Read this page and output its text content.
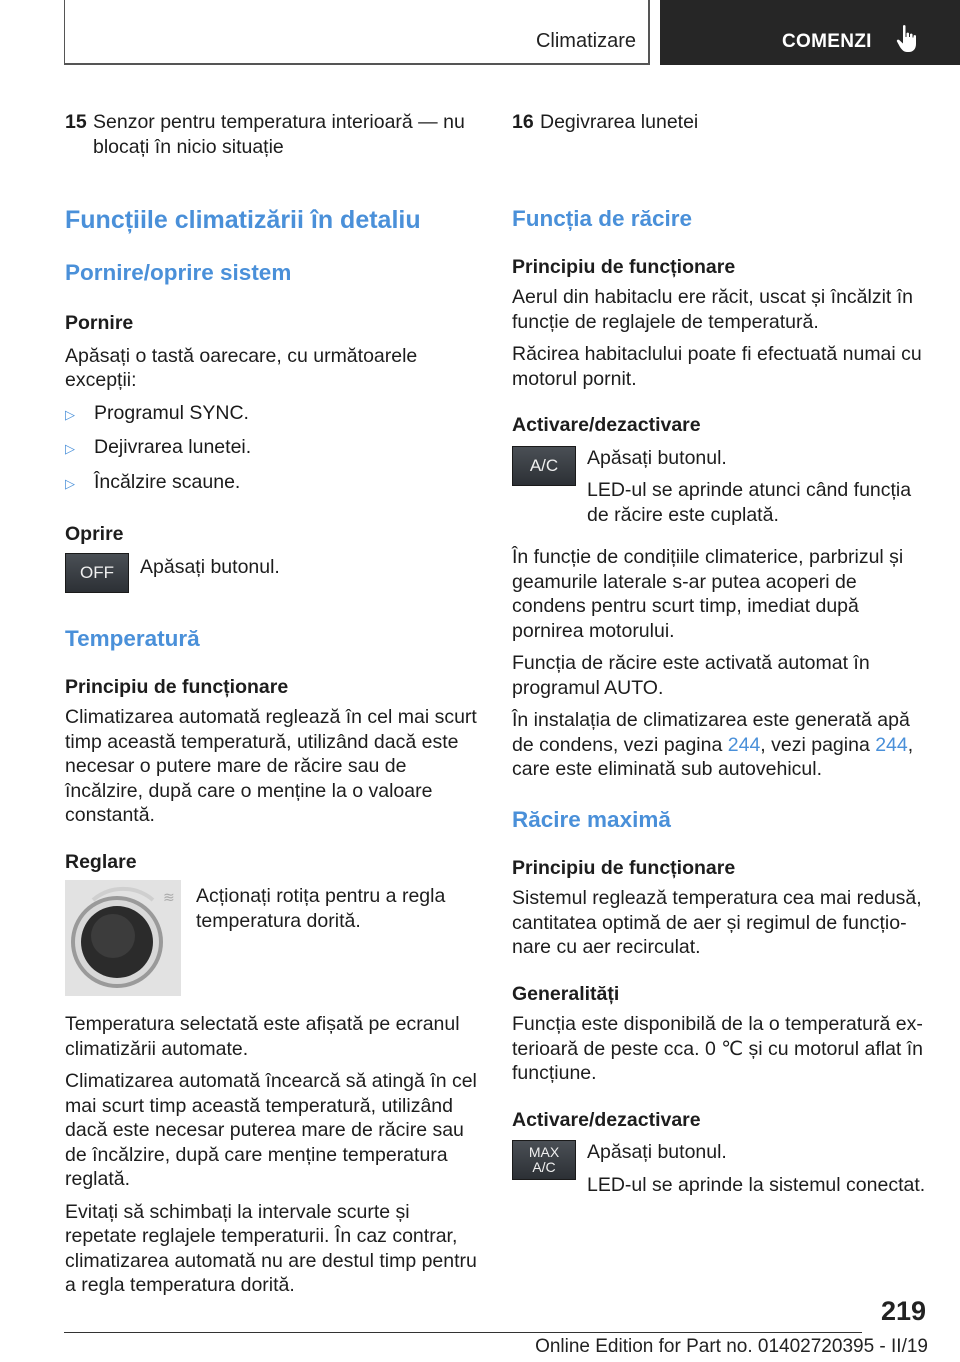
Climatizare	COMENZI
15 Senzor pentru temperatura interioară — nu blocați în nicio situație
Funcțiile climatizării în detaliu
Pornire/oprire sistem
Pornire

Apăsați o tastă oarecare, cu următoarele excepții:

▷ Programul SYNC.
▷ Dejivrarea lunetei.
▷ Încălzire scaune.
Oprire
OFF	Apăsați butonul.

Temperatură
Principiu de funcționare

Climatizarea automată reglează în cel mai scurt timp această temperatură, utilizând dacă este necesar o putere mare de răcire sau de încălzire, după care o menține la o valoare constantă.

Reglare
≋	Acționați rotița pentru a regla temperatura dorită.

Temperatura selectată este afișată pe ecranul climatizării automate.

Climatizarea automată încearcă să atingă în cel mai scurt timp această temperatură, utilizând dacă este necesar puterea mare de răcire sau de încălzire, după care menține temperatura reglată.

Evitați să schimbați la intervale scurte și repetate reglajele temperaturii. În caz contrar, climatizarea automată nu are destul timp pentru a regla temperatura dorită.

16 Degivrarea lunetei
Funcția de răcire
Principiu de funcționare

Aerul din habitaclu ere răcit, uscat și încălzit în funcție de reglajele de temperatură.

Răcirea habitaclului poate fi efectuată numai cu motorul pornit.

Activare/dezactivare
A/C	Apăsați butonul.

LED-ul se aprinde atunci când funcția de răcire este cuplată.

În funcție de condițiile climaterice, parbrizul și geamurile laterale s-ar putea acoperi de condens pentru scurt timp, imediat după pornirea motorului.

Funcția de răcire este activată automat în programul AUTO.

În instalația de climatizarea este generată apă de condens, vezi pagina 244, vezi pagina 244, care este eliminată sub autovehicul.

Răcire maximă
Principiu de funcționare

Sistemul reglează temperatura cea mai redusă, cantitatea optimă de aer și regimul de funcționare cu aer recirculat.

Generalități

Funcția este disponibilă de la o temperatură exterioară de peste cca. 0 ℃ și cu motorul aflat în funcțiune.

Activare/dezactivare
MAX
A/C

Apăsați butonul.

LED-ul se aprinde la sistemul conectat.

219
Online Edition for Part no. 01402720395 - II/19
